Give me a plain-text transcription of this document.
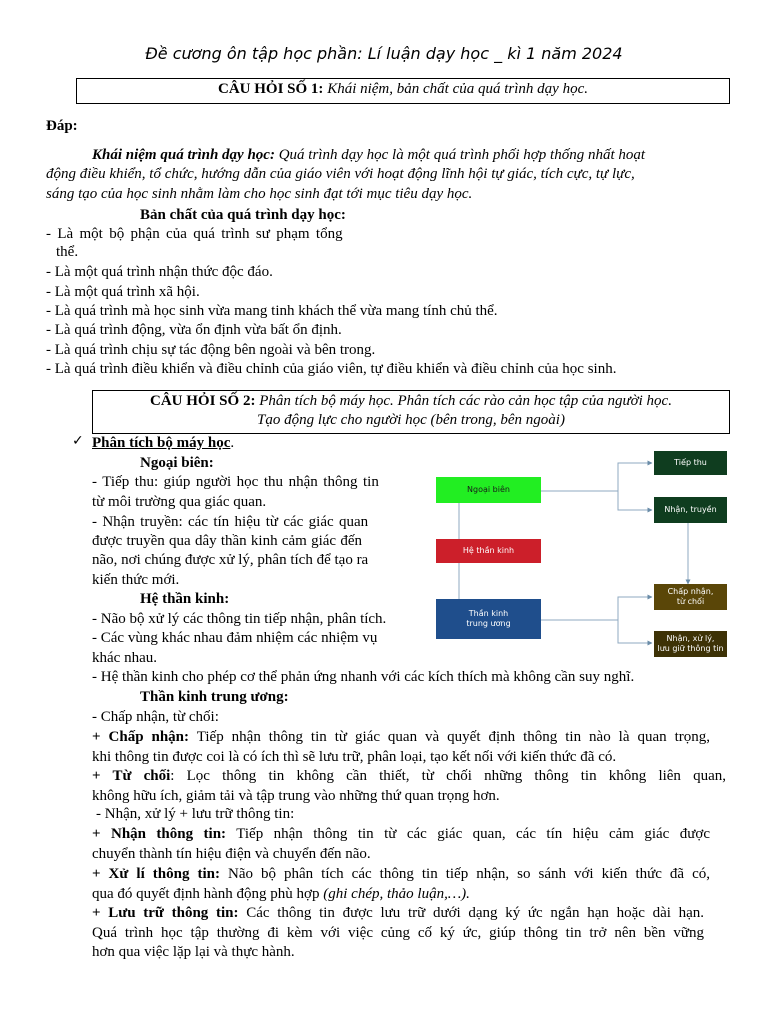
Đề cương ôn tập học phần: Lí luận dạy học _ kì 1 năm 2024
CÂU HỎI SỐ 1: Khái niệm, bản chất của quá trình dạy học.
Đáp:
Khái niệm quá trình dạy học: Quá trình dạy học là một quá trình phối hợp thống nhất hoạt
động điều khiển, tổ chức, hướng dẫn của giáo viên với hoạt động lĩnh hội tự giác, tích cực, tự lực,
sáng tạo của học sinh nhằm làm cho học sinh đạt tới mục tiêu dạy học.
Bản chất của quá trình dạy học:
- Là một bộ phận của quá trình sư phạm tổng
thể.
- Là một quá trình nhận thức độc đáo.
- Là một quá trình xã hội.
- Là quá trình mà học sinh vừa mang tinh khách thể vừa mang tính chủ thể.
- Là quá trình động, vừa ổn định vừa bất ổn định.
- Là quá trình chịu sự tác động bên ngoài và bên trong.
- Là quá trình điều khiển và điều chỉnh của giáo viên, tự điều khiển và điều chỉnh của học sinh.
CÂU HỎI SỐ 2: Phân tích bộ máy học. Phân tích các rào cản học tập của người học.
Tạo động lực cho người học (bên trong, bên ngoài)
✓ Phân tích bộ máy học.
Ngoại biên:
- Tiếp thu: giúp người học thu nhận thông tin
từ môi trường qua giác quan.
- Nhận truyền: các tín hiệu từ các giác quan
được truyền qua dây thần kinh cảm giác đến
não, nơi chúng được xử lý, phân tích để tạo ra
kiến thức mới.
Hệ thần kinh:
- Não bộ xử lý các thông tin tiếp nhận, phân tích.
- Các vùng khác nhau đảm nhiệm các nhiệm vụ
khác nhau.
- Hệ thần kinh cho phép cơ thể phản ứng nhanh với các kích thích mà không cần suy nghĩ.
Thần kinh trung ương:
- Chấp nhận, từ chối:
+ Chấp nhận: Tiếp nhận thông tin từ giác quan và quyết định thông tin nào là quan trọng,
khi thông tin được coi là có ích thì sẽ lưu trữ, phân loại, tạo kết nối với kiến thức đã có.
+ Từ chối: Lọc thông tin không cần thiết, từ chối những thông tin không liên quan,
không hữu ích, giảm tải và tập trung vào những thứ quan trọng hơn.
- Nhận, xử lý + lưu trữ thông tin:
+ Nhận thông tin: Tiếp nhận thông tin từ các giác quan, các tín hiệu cảm giác được
chuyển thành tín hiệu điện và chuyển đến não.
+ Xử lí thông tin: Não bộ phân tích các thông tin tiếp nhận, so sánh với kiến thức đã có,
qua đó quyết định hành động phù hợp (ghi chép, thảo luận,…).
+ Lưu trữ thông tin: Các thông tin được lưu trữ dưới dạng ký ức ngắn hạn hoặc dài hạn.
Quá trình học tập thường đi kèm với việc củng cố ký ức, giúp thông tin trở nên bền vững
hơn qua việc lặp lại và thực hành.
Ngoại biên
Hệ thần kinh
Thần kinh
trung ương
Tiếp thu
Nhận, truyền
Chấp nhận,
từ chối
Nhận, xử lý,
lưu giữ thông tin
